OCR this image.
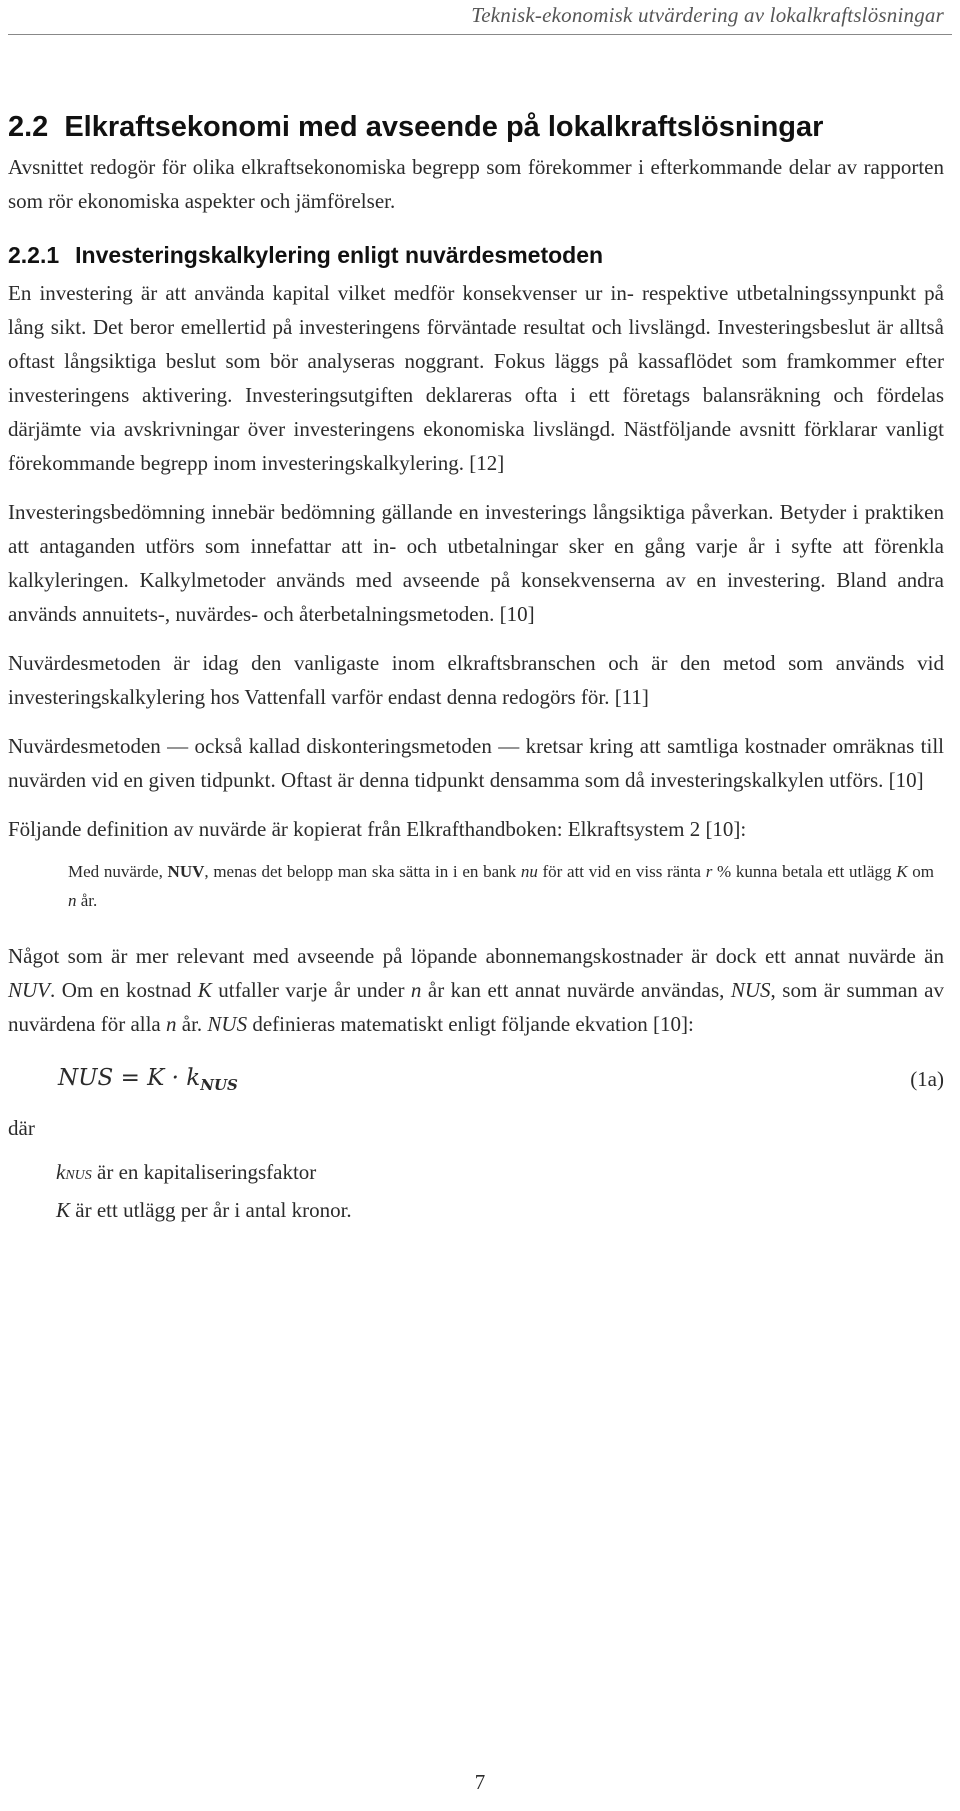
Teknisk-ekonomisk utvärdering av lokalkraftslösningar
2.2 Elkraftsekonomi med avseende på lokalkraftslösningar

Avsnittet redogör för olika elkraftsekonomiska begrepp som förekommer i efterkommande delar av rapporten som rör ekonomiska aspekter och jämförelser.

2.2.1 Investeringskalkylering enligt nuvärdesmetoden

En investering är att använda kapital vilket medför konsekvenser ur in- respektive utbetalningssynpunkt på lång sikt. Det beror emellertid på investeringens förväntade resultat och livslängd. Investeringsbeslut är alltså oftast långsiktiga beslut som bör analyseras noggrant. Fokus läggs på kassaflödet som framkommer efter investeringens aktivering. Investeringsutgiften deklareras ofta i ett företags balansräkning och fördelas därjämte via avskrivningar över investeringens ekonomiska livslängd. Nästföljande avsnitt förklarar vanligt förekommande begrepp inom investeringskalkylering. [12]

Investeringsbedömning innebär bedömning gällande en investerings långsiktiga påverkan. Betyder i praktiken att antaganden utförs som innefattar att in- och utbetalningar sker en gång varje år i syfte att förenkla kalkyleringen. Kalkylmetoder används med avseende på konsekvenserna av en investering. Bland andra används annuitets-, nuvärdes- och återbetalningsmetoden. [10]

Nuvärdesmetoden är idag den vanligaste inom elkraftsbranschen och är den metod som används vid investeringskalkylering hos Vattenfall varför endast denna redogörs för. [11]

Nuvärdesmetoden — också kallad diskonteringsmetoden — kretsar kring att samtliga kostnader omräknas till nuvärden vid en given tidpunkt. Oftast är denna tidpunkt densamma som då investeringskalkylen utförs. [10]

Följande definition av nuvärde är kopierat från Elkrafthandboken: Elkraftsystem 2 [10]:

Med nuvärde, NUV, menas det belopp man ska sätta in i en bank nu för att vid en viss ränta r % kunna betala ett utlägg K om n år.

Något som är mer relevant med avseende på löpande abonnemangskostnader är dock ett annat nuvärde än NUV. Om en kostnad K utfaller varje år under n år kan ett annat nuvärde användas, NUS, som är summan av nuvärdena för alla n år. NUS definieras matematiskt enligt följande ekvation [10]:

NUS = $K \cdot k_{NUS}$	(1a)
där
kNUS är en kapitaliseringsfaktor
K är ett utlägg per år i antal kronor.
7
